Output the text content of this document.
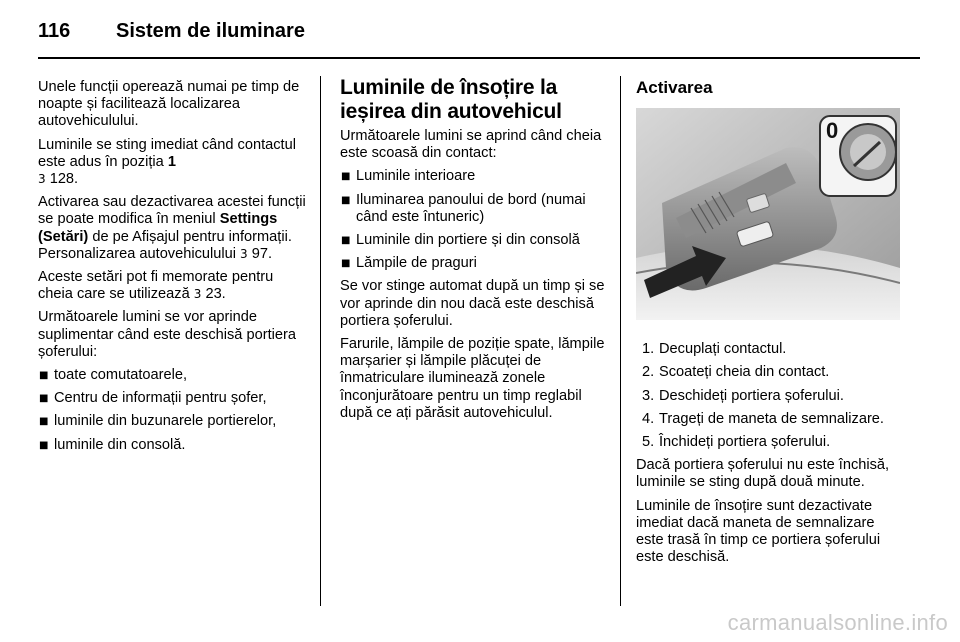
116	Sistem de iluminare

Unele funcții operează numai pe timp de noapte și facilitează localizarea autovehiculului.

Luminile se sting imediat când contactul este adus în poziția 1
3 128.

Activarea sau dezactivarea acestei funcții se poate modifica în meniul Settings (Setări) de pe Afișajul pentru informații. Personalizarea autovehiculului 3 97.

Aceste setări pot fi memorate pentru cheia care se utilizează 3 23.

Următoarele lumini se vor aprinde suplimentar când este deschisă portiera șoferului:

■ toate comutatoarele,
■ Centru de informații pentru șofer,
■ luminile din buzunarele portierelor,
■ luminile din consolă.
Luminile de însoțire la ieșirea din autovehicul

Următoarele lumini se aprind când cheia este scoasă din contact:

■ Luminile interioare
■ Iluminarea panoului de bord (numai când este întuneric)
■ Luminile din portiere și din consolă
■ Lămpile de praguri

Se vor stinge automat după un timp și se vor aprinde din nou dacă este deschisă portiera șoferului.

Farurile, lămpile de poziție spate, lămpile marșarier și lămpile plăcuței de înmatriculare iluminează zonele înconjurătoare pentru un timp reglabil după ce ați părăsit autovehiculul.

Activarea
0
1. Decuplați contactul.
2. Scoateți cheia din contact.
3. Deschideți portiera șoferului.
4. Trageți de maneta de semnalizare.
5. Închideți portiera șoferului.

Dacă portiera șoferului nu este închisă, luminile se sting după două minute.

Luminile de însoțire sunt dezactivate imediat dacă maneta de semnalizare este trasă în timp ce portiera șoferului este deschisă.

carmanualsonline.info
